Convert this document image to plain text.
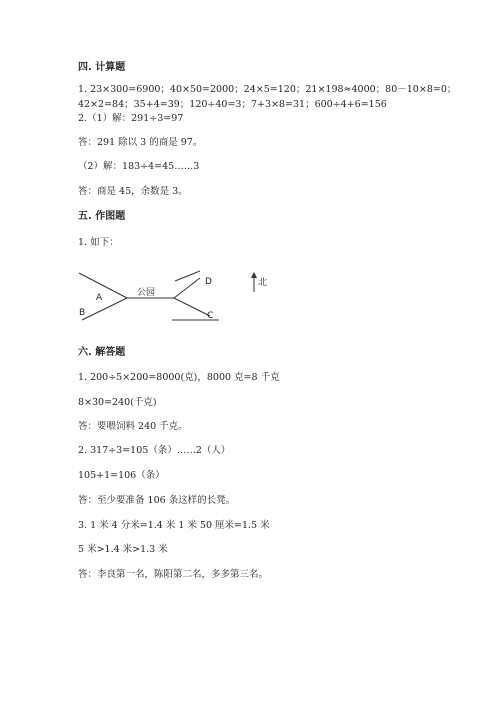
四. 计算题
1. 23×300=6900；40×50=2000；24×5=120；21×198≈4000；80－10×8=0；
42×2=84；35+4=39；120÷40=3；7+3×8=31；600÷4+6=156
2.（1）解：291÷3=97
答：291 除以 3 的商是 97。
（2）解：183÷4=45……3
答：商是 45，余数是 3。
五. 作图题
1. 如下：
A
B
公园
D
C
北
六. 解答题
1. 200÷5×200=8000(克)，8000 克=8 千克
8×30=240(千克)
答：要喂饲料 240 千克。
2. 317÷3=105（条）……2（人）
105+1=106（条）
答：至少要准备 106 条这样的长凳。
3. 1 米 4 分米=1.4 米 1 米 50 厘米=1.5 米
5 米>1.4 米>1.3 米
答：李良第一名，陈阳第二名，多多第三名。
